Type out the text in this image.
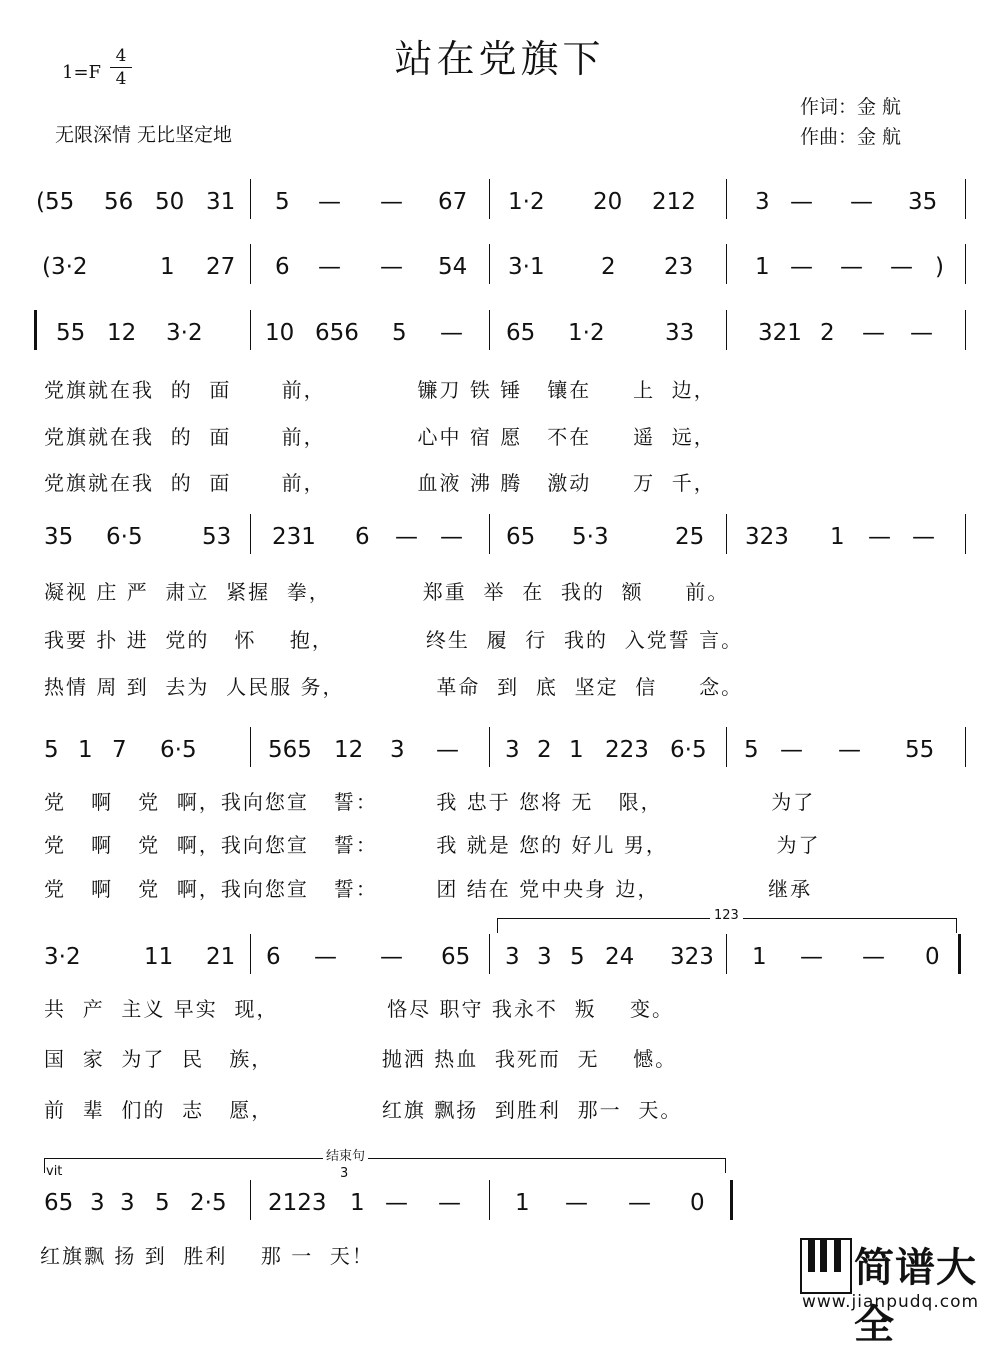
站在党旗下
1=F
4
4
无限深情 无比坚定地
作词：金 航
作曲：金 航
(55 56 50 31 5 — — 67 1·2 20 212	3 — — 35
(3·2	1 27 6 — — 54 3·1 2 23	1 — — — )
55 12 3·2	10 656 5 — 65 1·2	33	321 2 — —
党旗就在我  的  面      前，           镰刀 铁 锤   镶在     上  边，
党旗就在我  的  面      前，           心中 宿 愿   不在     遥  远，
党旗就在我  的  面      前，           血液 沸 腾   激动     万  千，
35 6·5	53 231 6 — — 65 5·3	25 323 1 — —
凝视 庄 严  肃立  紧握  拳，           郑重  举  在  我的  额     前。
我要 扑 进  党的   怀    抱，           终生  履  行  我的  入党誓 言。
热情 周 到  去为  人民服 务，           革命  到  底  坚定  信     念。
5 1 7 6·5	565 12 3 — 3 2 1 223 6·5 5 — — 55
党   啊   党  啊，我向您宣   誓：       我 忠于 您将 无   限，             为了
党   啊   党  啊，我向您宣   誓：       我 就是 您的 好儿 男，             为了
党   啊   党  啊，我向您宣   誓：       团 结在 党中央身 边，             继承
123
3·2	11 21 6 — — 65 3 3 5 24 323 1 — — 0
共  产  主义 早实  现，             恪尽 职守 我永不  叛    变。
国  家  为了  民   族，             抛洒 热血  我死而  无    憾。
前  辈  们的  志   愿，             红旗 飘扬  到胜利  那一  天。
结束句
vit	3
65 3 3 5 2·5 2123 1 — — 1 — — 0
红旗飘 扬 到  胜利    那 一  天！	简谱大全
www.jianpudq.com
